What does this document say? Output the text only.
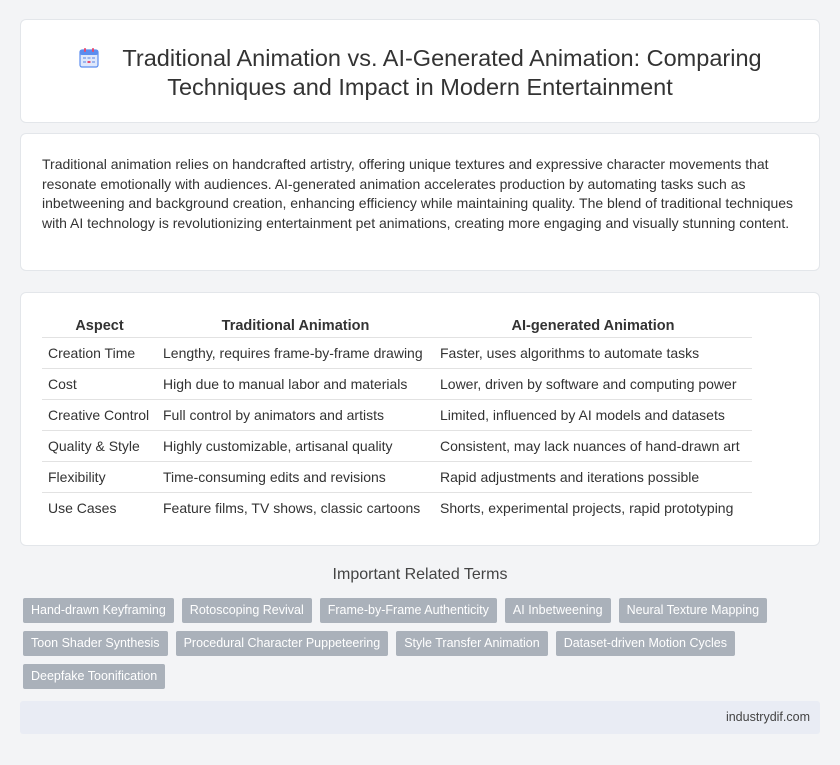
Traditional Animation vs. AI-Generated Animation: Comparing Techniques and Impact in Modern Entertainment

Traditional animation relies on handcrafted artistry, offering unique textures and expressive character movements that resonate emotionally with audiences. AI-generated animation accelerates production by automating tasks such as inbetweening and background creation, enhancing efficiency while maintaining quality. The blend of traditional techniques with AI technology is revolutionizing entertainment pet animations, creating more engaging and visually stunning content.

Aspect	Traditional Animation	AI-generated Animation
Creation Time	Lengthy, requires frame-by-frame drawing	Faster, uses algorithms to automate tasks
Cost	High due to manual labor and materials	Lower, driven by software and computing power
Creative Control	Full control by animators and artists	Limited, influenced by AI models and datasets
Quality & Style	Highly customizable, artisanal quality	Consistent, may lack nuances of hand-drawn art
Flexibility	Time-consuming edits and revisions	Rapid adjustments and iterations possible
Use Cases	Feature films, TV shows, classic cartoons	Shorts, experimental projects, rapid prototyping
Important Related Terms
Hand-drawn Keyframing	Rotoscoping Revival	Frame-by-Frame Authenticity	AI Inbetweening	Neural Texture Mapping
Toon Shader Synthesis	Procedural Character Puppeteering	Style Transfer Animation	Dataset-driven Motion Cycles
Deepfake Toonification
industrydif.com
